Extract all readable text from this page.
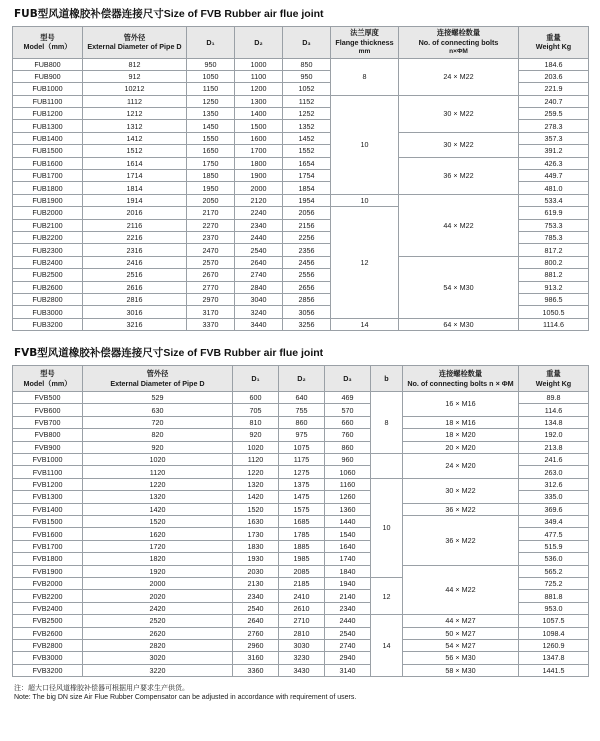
FUB型风道橡胶补偿器连接尺寸Size of FVB Rubber air flue joint
型号
Model（mm）	管外径
External Diameter of Pipe D	D₁	D₂	D₃	法兰厚度
Flange thickness
mm	连接螺栓数量
No. of connecting bolts
n×ΦM	重量
Weight Kg

FUB800	812	950	1000	850	8	24 × M22	184.6
FUB900	912	1050	1100	950			203.6
FUB1000	10212	1150	1200	1052			221.9
FUB1100	1112	1250	1300	1152	10	30 × M22	240.7
FUB1200	1212	1350	1400	1252			259.5
FUB1300	1312	1450	1500	1352			278.3
FUB1400	1412	1550	1600	1452		30 × M22	357.3
FUB1500	1512	1650	1700	1552			391.2
FUB1600	1614	1750	1800	1654		36 × M22	426.3
FUB1700	1714	1850	1900	1754			449.7
FUB1800	1814	1950	2000	1854			481.0
FUB1900	1914	2050	2120	1954	10	44 × M22	533.4
FUB2000	2016	2170	2240	2056	12		619.9
FUB2100	2116	2270	2340	2156			753.3
FUB2200	2216	2370	2440	2256			785.3
FUB2300	2316	2470	2540	2356			817.2
FUB2400	2416	2570	2640	2456		54 × M30	800.2
FUB2500	2516	2670	2740	2556			881.2
FUB2600	2616	2770	2840	2656			913.2
FUB2800	2816	2970	3040	2856			986.5
FUB3000	3016	3170	3240	3056			1050.5
FUB3200	3216	3370	3440	3256	14	64 × M30	1114.6
FVB型风道橡胶补偿器连接尺寸Size of FVB Rubber air flue joint
型号
Model（mm）	管外径
External Diameter of Pipe D	D₁	D₂	D₃	b	连接螺栓数量
No. of connecting bolts n × ΦM	重量
Weight Kg

FVB500	529	600	640	469	8	16 × M16	89.8
FVB600	630	705	755	570			114.6
FVB700	720	810	860	660		18 × M16	134.8
FVB800	820	920	975	760		18 × M20	192.0
FVB900	920	1020	1075	860		20 × M20	213.8
FVB1000	1020	1120	1175	960		24 × M20	241.6
FVB1100	1120	1220	1275	1060			263.0
FVB1200	1220	1320	1375	1160	10	30 × M22	312.6
FVB1300	1320	1420	1475	1260			335.0
FVB1400	1420	1520	1575	1360		36 × M22	369.6
FVB1500	1520	1630	1685	1440		36 × M22	349.4
FVB1600	1620	1730	1785	1540			477.5
FVB1700	1720	1830	1885	1640			515.9
FVB1800	1820	1930	1985	1740			536.0
FVB1900	1920	2030	2085	1840		44 × M22	565.2
FVB2000	2000	2130	2185	1940	12		725.2
FVB2200	2020	2340	2410	2140			881.8
FVB2400	2420	2540	2610	2340			953.0
FVB2500	2520	2640	2710	2440	14	44 × M27	1057.5
FVB2600	2620	2760	2810	2540		50 × M27	1098.4
FVB2800	2820	2960	3030	2740		54 × M27	1260.9
FVB3000	3020	3160	3230	2940		56 × M30	1347.8
FVB3200	3220	3360	3430	3140		58 × M30	1441.5
注：超大口径风道橡胶补偿器可根据用户要求生产供货。
Note: The big DN size Air Flue Rubber Compensator can be adjusted in accordance with requirement of users.
